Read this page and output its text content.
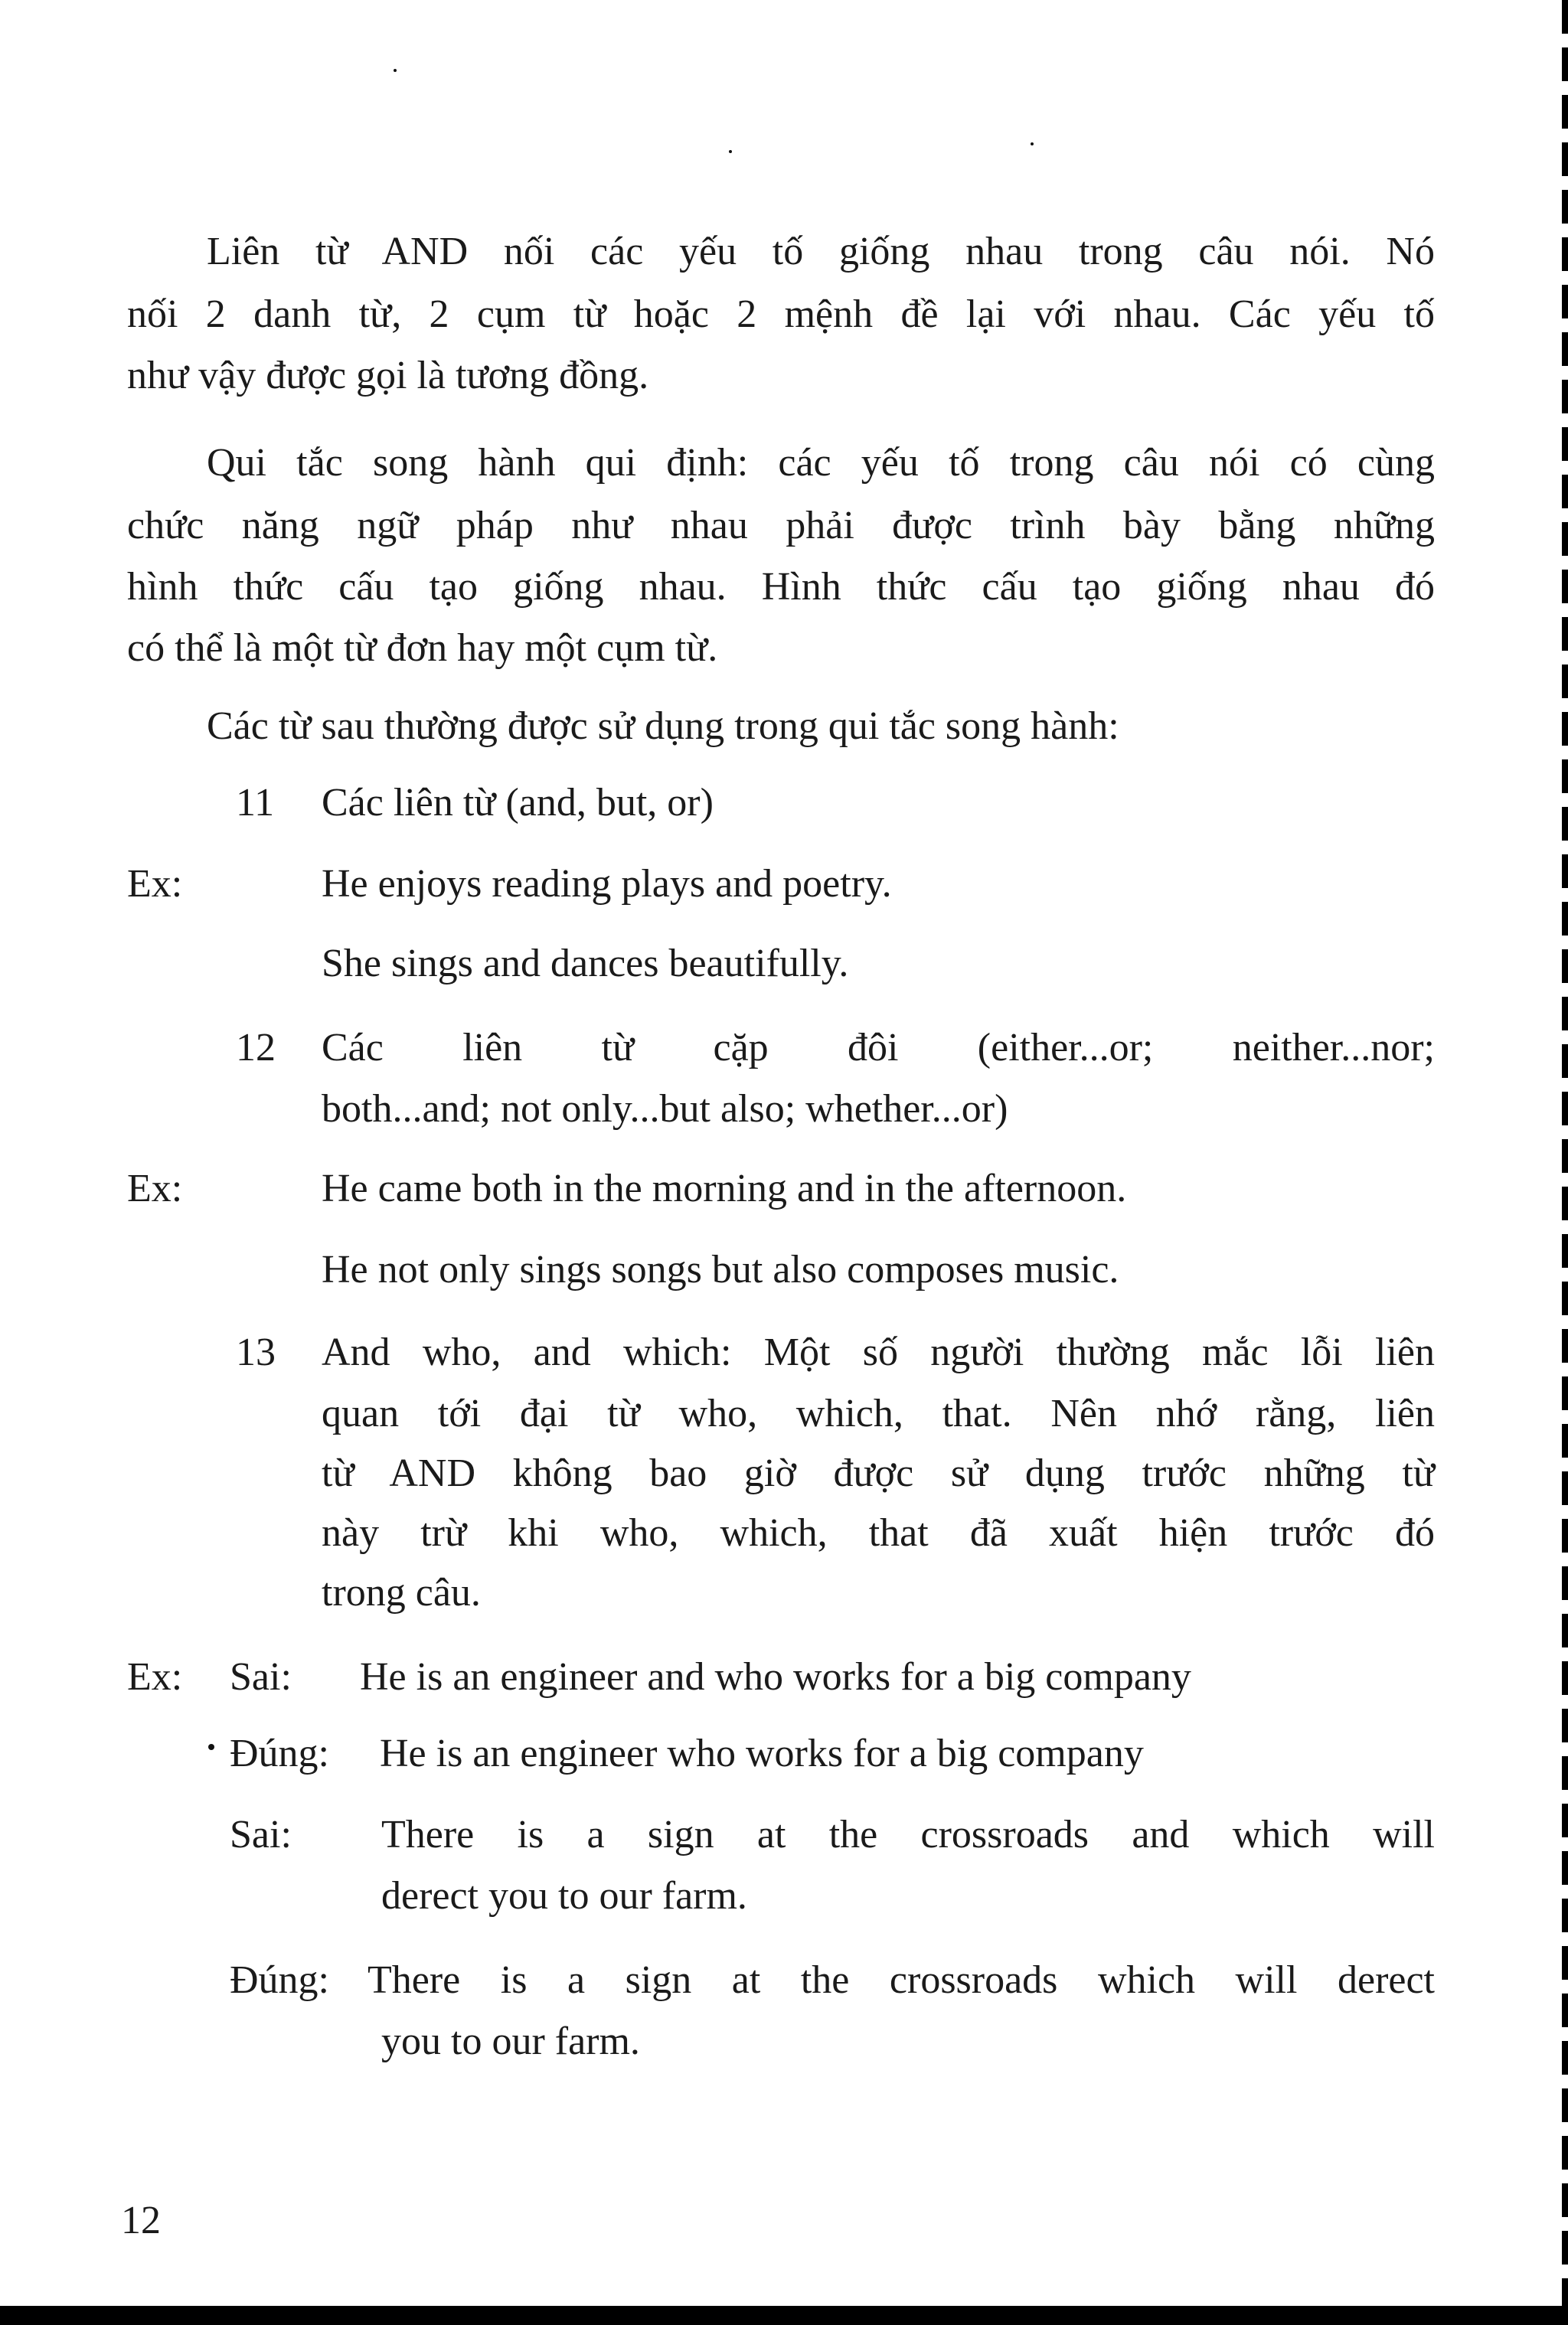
Liên từ AND nối các yếu tố giống nhau trong câu nói. Nó
nối 2 danh từ, 2 cụm từ hoặc 2 mệnh đề lại với nhau. Các yếu tố
như vậy được gọi là tương đồng.
Qui tắc song hành qui định: các yếu tố trong câu nói có cùng
chức năng ngữ pháp như nhau phải được trình bày bằng những
hình thức cấu tạo giống nhau. Hình thức cấu tạo giống nhau đó
có thể là một từ đơn hay một cụm từ.
Các từ sau thường được sử dụng trong qui tắc song hành:
11 Các liên từ (and, but, or)
Ex:	He enjoys reading plays and poetry.
She sings and dances beautifully.
12 Các liên từ cặp đôi (either...or; neither...nor;
both...and; not only...but also; whether...or)
Ex:	He came both in the morning and in the afternoon.
He not only sings songs but also composes music.
13 And who, and which: Một số người thường mắc lỗi liên
quan tới đại từ who, which, that. Nên nhớ rằng, liên
từ AND không bao giờ được sử dụng trước những từ
này trừ khi who, which, that đã xuất hiện trước đó
trong câu.
Ex: Sai: He is an engineer and who works for a big company
Đúng: He is an engineer who works for a big company
Sai: There is a sign at the crossroads and which will
derect you to our farm.
Đúng: There is a sign at the crossroads which will derect
you to our farm.
12
